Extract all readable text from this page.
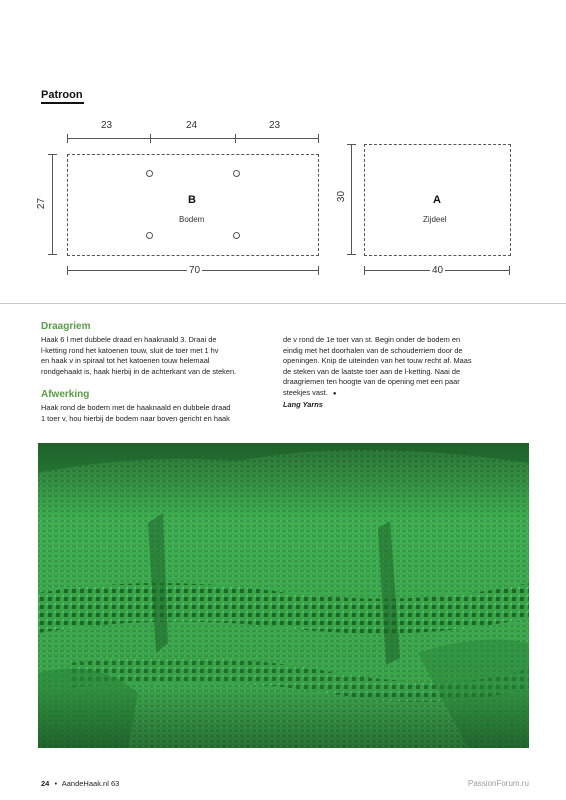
Patroon
23	24	23
B
Bodem
27
70
A
Zijdeel
30
40
Draagriem
Haak 6 l met dubbele draad en haaknaald 3. Draai de
l-ketting rond het katoenen touw, sluit de toer met 1 hv
en haak v in spiraal tot het katoenen touw helemaal
rondgehaakt is, haak hierbij in de achterkant van de steken.
Afwerking
Haak rond de bodem met de haaknaald en dubbele draad
1 toer v, hou hierbij de bodem naar boven gericht en haak
de v rond de 1e toer van st. Begin onder de bodem en
eindig met het doorhalen van de schouderriem door de
openingen. Knip de uiteinden van het touw recht af. Maas
de steken van de laatste toer aan de l-ketting. Naai de
draagriemen ten hoogte van de opening met een paar
steekjes vast. ●
Lang Yarns
PassionForum.ru
24 • AandeHaak.nl 63
